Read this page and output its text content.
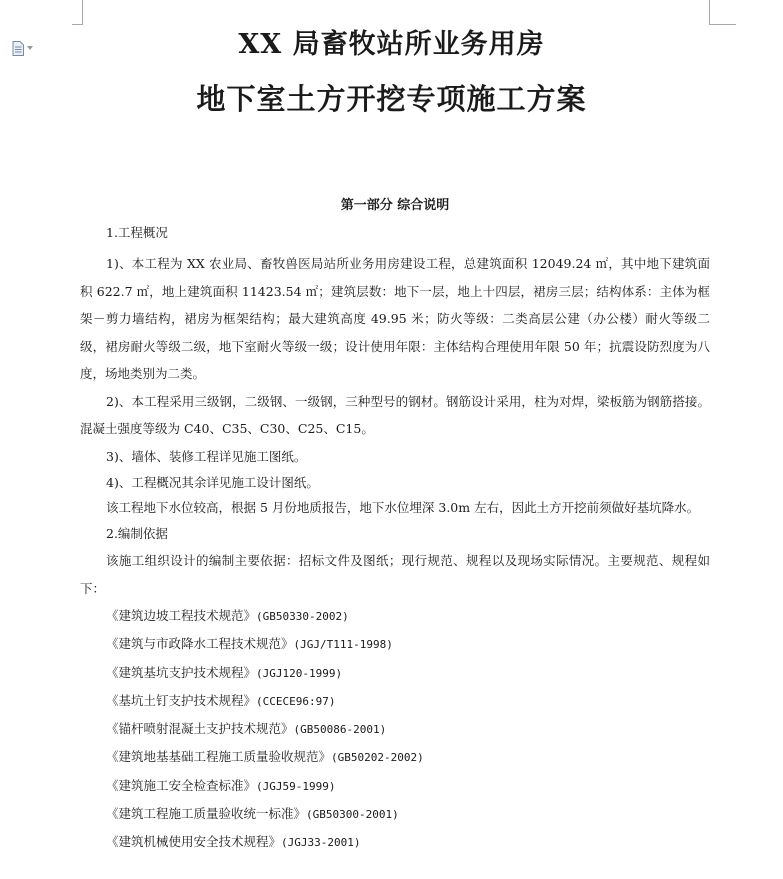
XX 局畜牧站所业务用房
地下室土方开挖专项施工方案
第一部分 综合说明
1.工程概况

1)、本工程为 XX 农业局、畜牧兽医局站所业务用房建设工程，总建筑面积 12049.24 ㎡，其中地下建筑面积 622.7 ㎡，地上建筑面积 11423.54 ㎡；建筑层数：地下一层，地上十四层，裙房三层；结构体系：主体为框架－剪力墙结构，裙房为框架结构；最大建筑高度 49.95 米；防火等级：二类高层公建（办公楼）耐火等级二级，裙房耐火等级二级，地下室耐火等级一级；设计使用年限：主体结构合理使用年限 50 年；抗震设防烈度为八度，场地类别为二类。

2)、本工程采用三级钢，二级钢、一级钢，三种型号的钢材。钢筋设计采用，柱为对焊，梁板筋为钢筋搭接。混凝土强度等级为 C40、C35、C30、C25、C15。

3)、墙体、装修工程详见施工图纸。

4)、工程概况其余详见施工设计图纸。

该工程地下水位较高，根据 5 月份地质报告，地下水位埋深 3.0m 左右，因此土方开挖前须做好基坑降水。

2.编制依据

该施工组织设计的编制主要依据：招标文件及图纸；现行规范、规程以及现场实际情况。主要规范、规程如下：

《建筑边坡工程技术规范》(GB50330-2002)
《建筑与市政降水工程技术规范》(JGJ/T111-1998)
《建筑基坑支护技术规程》(JGJ120-1999)
《基坑土钉支护技术规程》(CCECE96:97)
《锚杆喷射混凝土支护技术规范》(GB50086-2001)
《建筑地基基础工程施工质量验收规范》(GB50202-2002)
《建筑施工安全检查标准》(JGJ59-1999)
《建筑工程施工质量验收统一标准》(GB50300-2001)
《建筑机械使用安全技术规程》(JGJ33-2001)
